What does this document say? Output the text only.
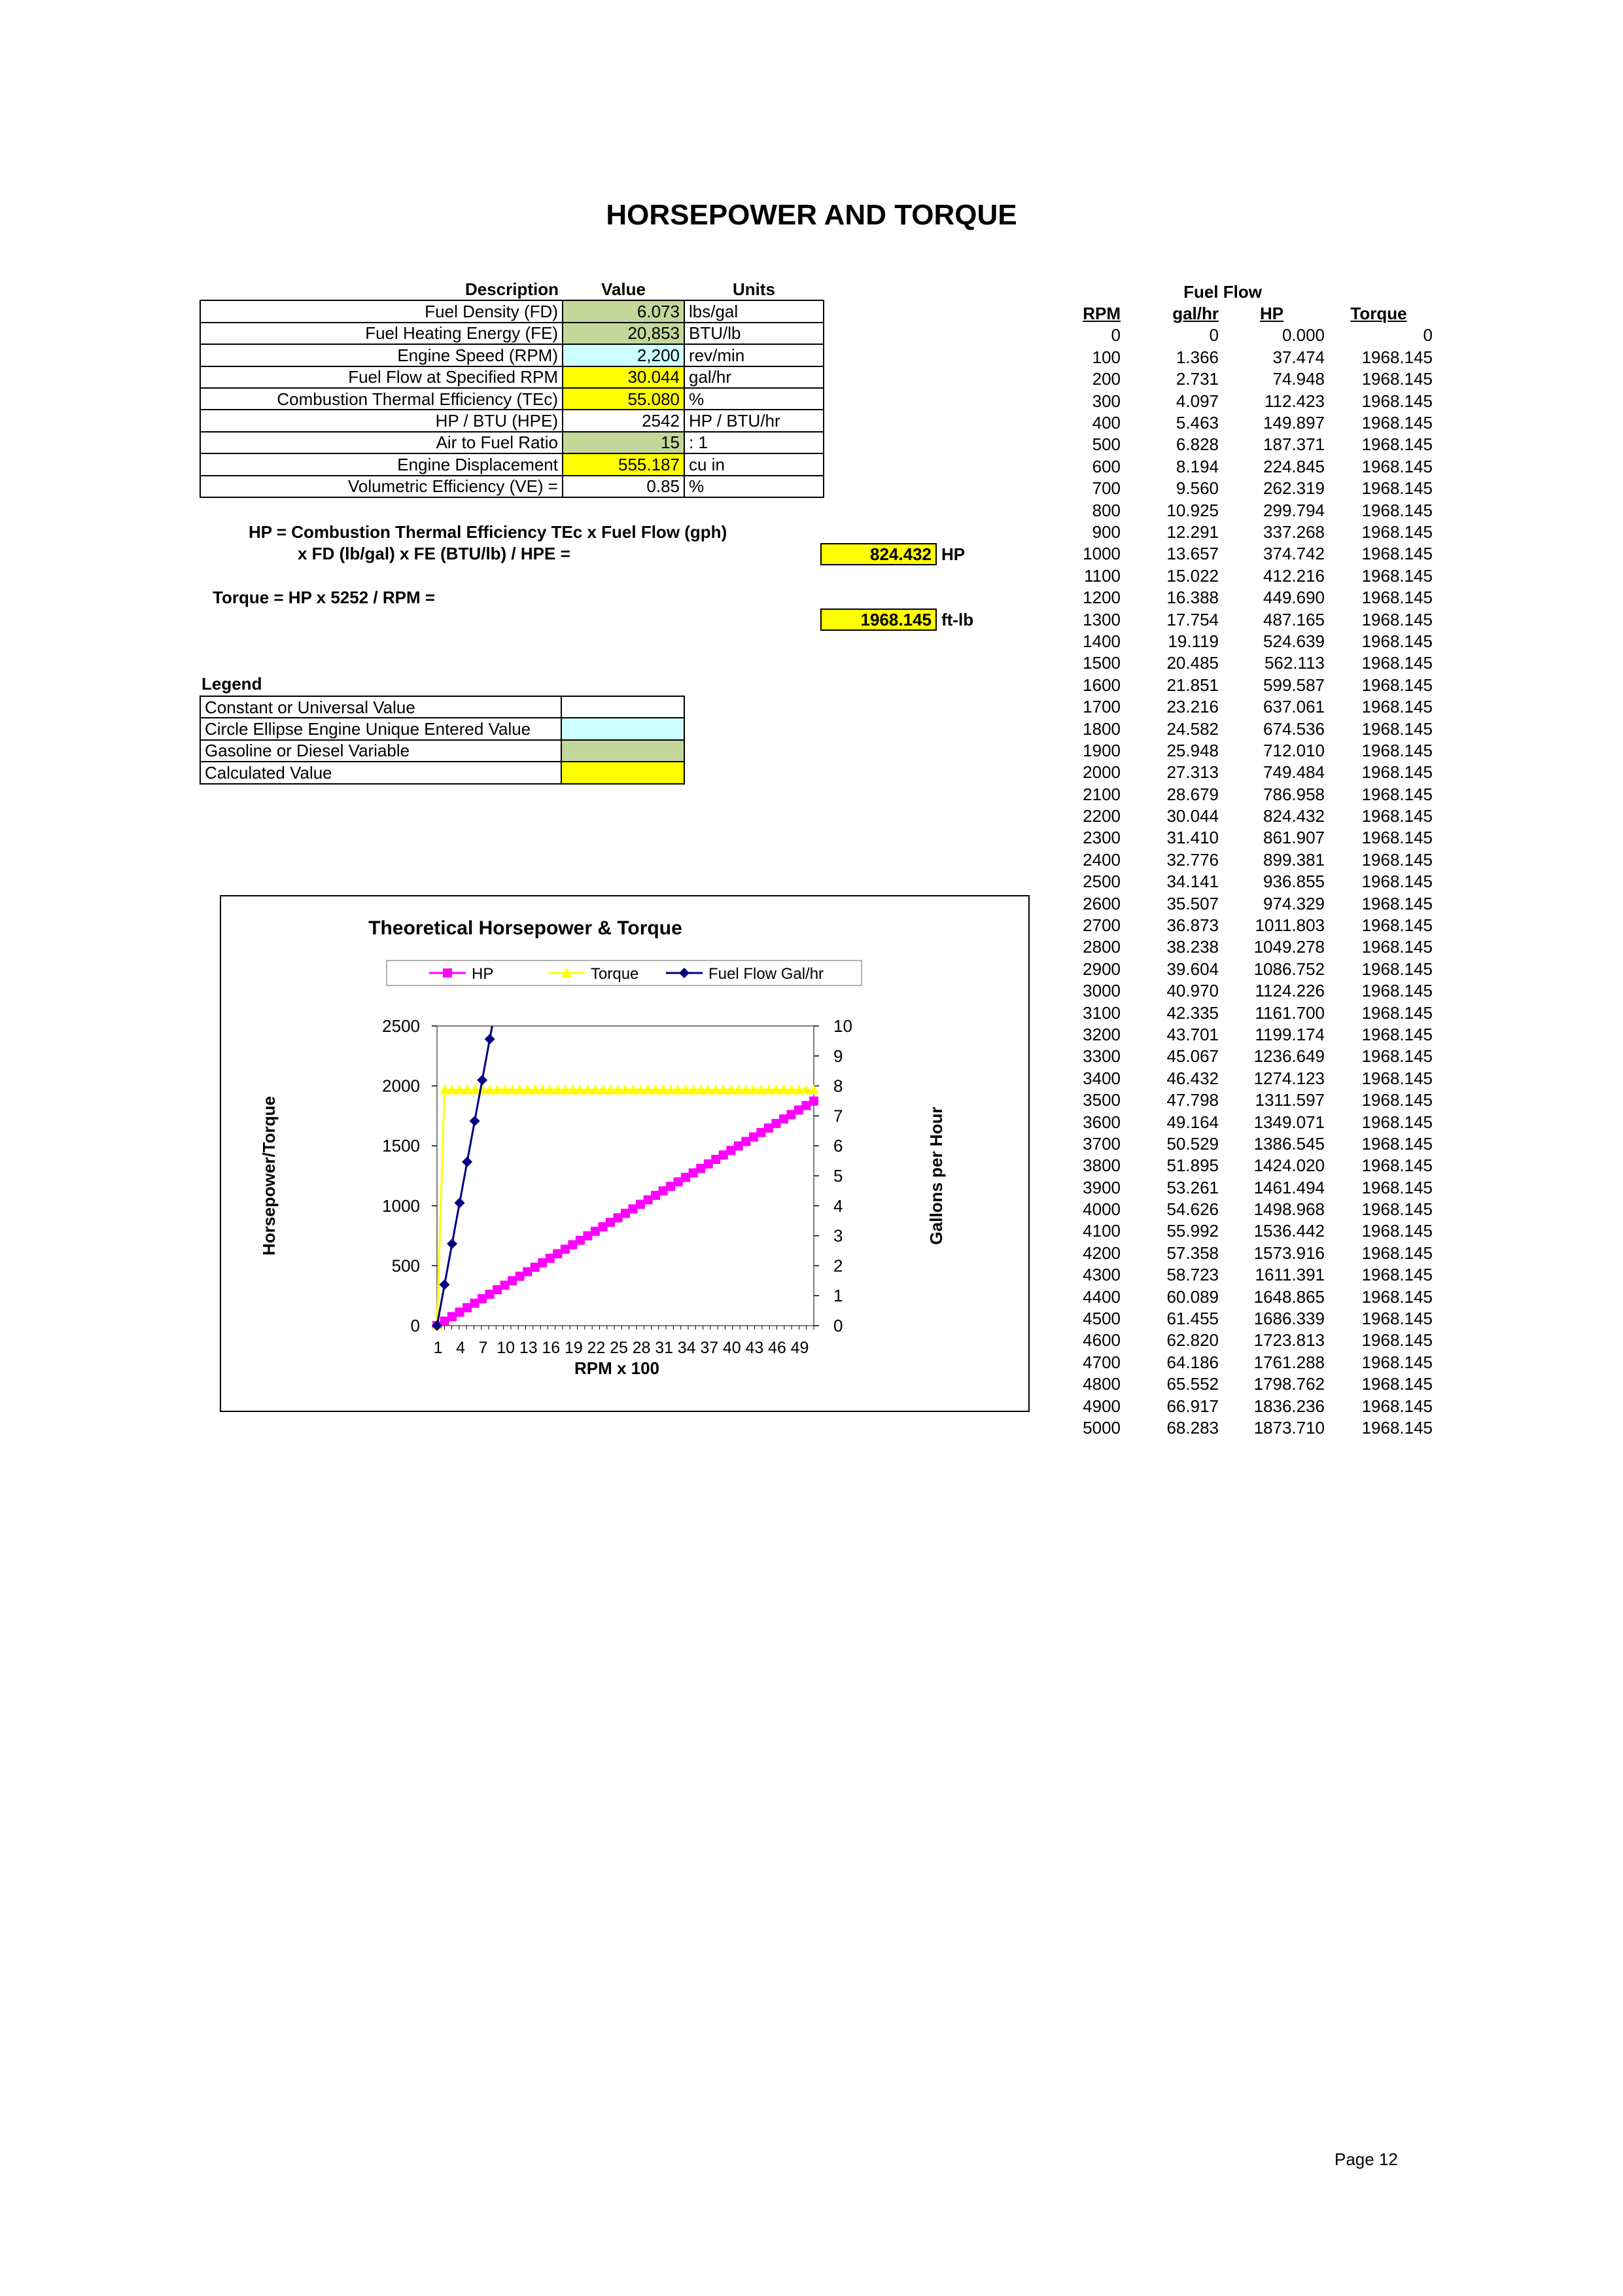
HORSEPOWER AND TORQUE
Description	Value	Units
Fuel Density (FD)	6.073	lbs/gal
Fuel Heating Energy (FE)	20,853	BTU/lb
Engine Speed (RPM)	2,200	rev/min
Fuel Flow at Specified RPM	30.044	gal/hr
Combustion Thermal Efficiency (TEc)	55.080	%
HP / BTU (HPE)	2542	HP / BTU/hr
Air to Fuel Ratio	15	: 1
Engine Displacement	555.187	cu in
Volumetric Efficiency (VE) =	0.85	%
HP = Combustion Thermal Efficiency TEc x Fuel Flow (gph)
x FD (lb/gal) x FE (BTU/lb) / HPE =	824.432 HP
Torque = HP x 5252 / RPM =
1968.145 ft-lb
Legend
Constant or Universal Value	
Circle Ellipse Engine Unique Entered Value	
Gasoline or Diesel Variable	
Calculated Value	
	Fuel Flow		
RPM	gal/hr	HP	Torque
0	0	0.000	0
100	1.366	37.474	1968.145
200	2.731	74.948	1968.145
300	4.097	112.423	1968.145
400	5.463	149.897	1968.145
500	6.828	187.371	1968.145
600	8.194	224.845	1968.145
700	9.560	262.319	1968.145
800	10.925	299.794	1968.145
900	12.291	337.268	1968.145
1000	13.657	374.742	1968.145
1100	15.022	412.216	1968.145
1200	16.388	449.690	1968.145
1300	17.754	487.165	1968.145
1400	19.119	524.639	1968.145
1500	20.485	562.113	1968.145
1600	21.851	599.587	1968.145
1700	23.216	637.061	1968.145
1800	24.582	674.536	1968.145
1900	25.948	712.010	1968.145
2000	27.313	749.484	1968.145
2100	28.679	786.958	1968.145
2200	30.044	824.432	1968.145
2300	31.410	861.907	1968.145
2400	32.776	899.381	1968.145
2500	34.141	936.855	1968.145
2600	35.507	974.329	1968.145
2700	36.873	1011.803	1968.145
2800	38.238	1049.278	1968.145
2900	39.604	1086.752	1968.145
3000	40.970	1124.226	1968.145
3100	42.335	1161.700	1968.145
3200	43.701	1199.174	1968.145
3300	45.067	1236.649	1968.145
3400	46.432	1274.123	1968.145
3500	47.798	1311.597	1968.145
3600	49.164	1349.071	1968.145
3700	50.529	1386.545	1968.145
3800	51.895	1424.020	1968.145
3900	53.261	1461.494	1968.145
4000	54.626	1498.968	1968.145
4100	55.992	1536.442	1968.145
4200	57.358	1573.916	1968.145
4300	58.723	1611.391	1968.145
4400	60.089	1648.865	1968.145
4500	61.455	1686.339	1968.145
4600	62.820	1723.813	1968.145
4700	64.186	1761.288	1968.145
4800	65.552	1798.762	1968.145
4900	66.917	1836.236	1968.145
5000	68.283	1873.710	1968.145
Theoretical Horsepower & Torque
HP	Torque	Fuel Flow Gal/hr
0
500
1000
1500
2000
2500
0
1
2
3
4
5
6
7
8
9
10
1 4 7 10 13 16 19 22 25 28 31 34 37 40 43 46 49
RPM x 100
Horsepower/Torque	Gallons per Hour
Page 12
